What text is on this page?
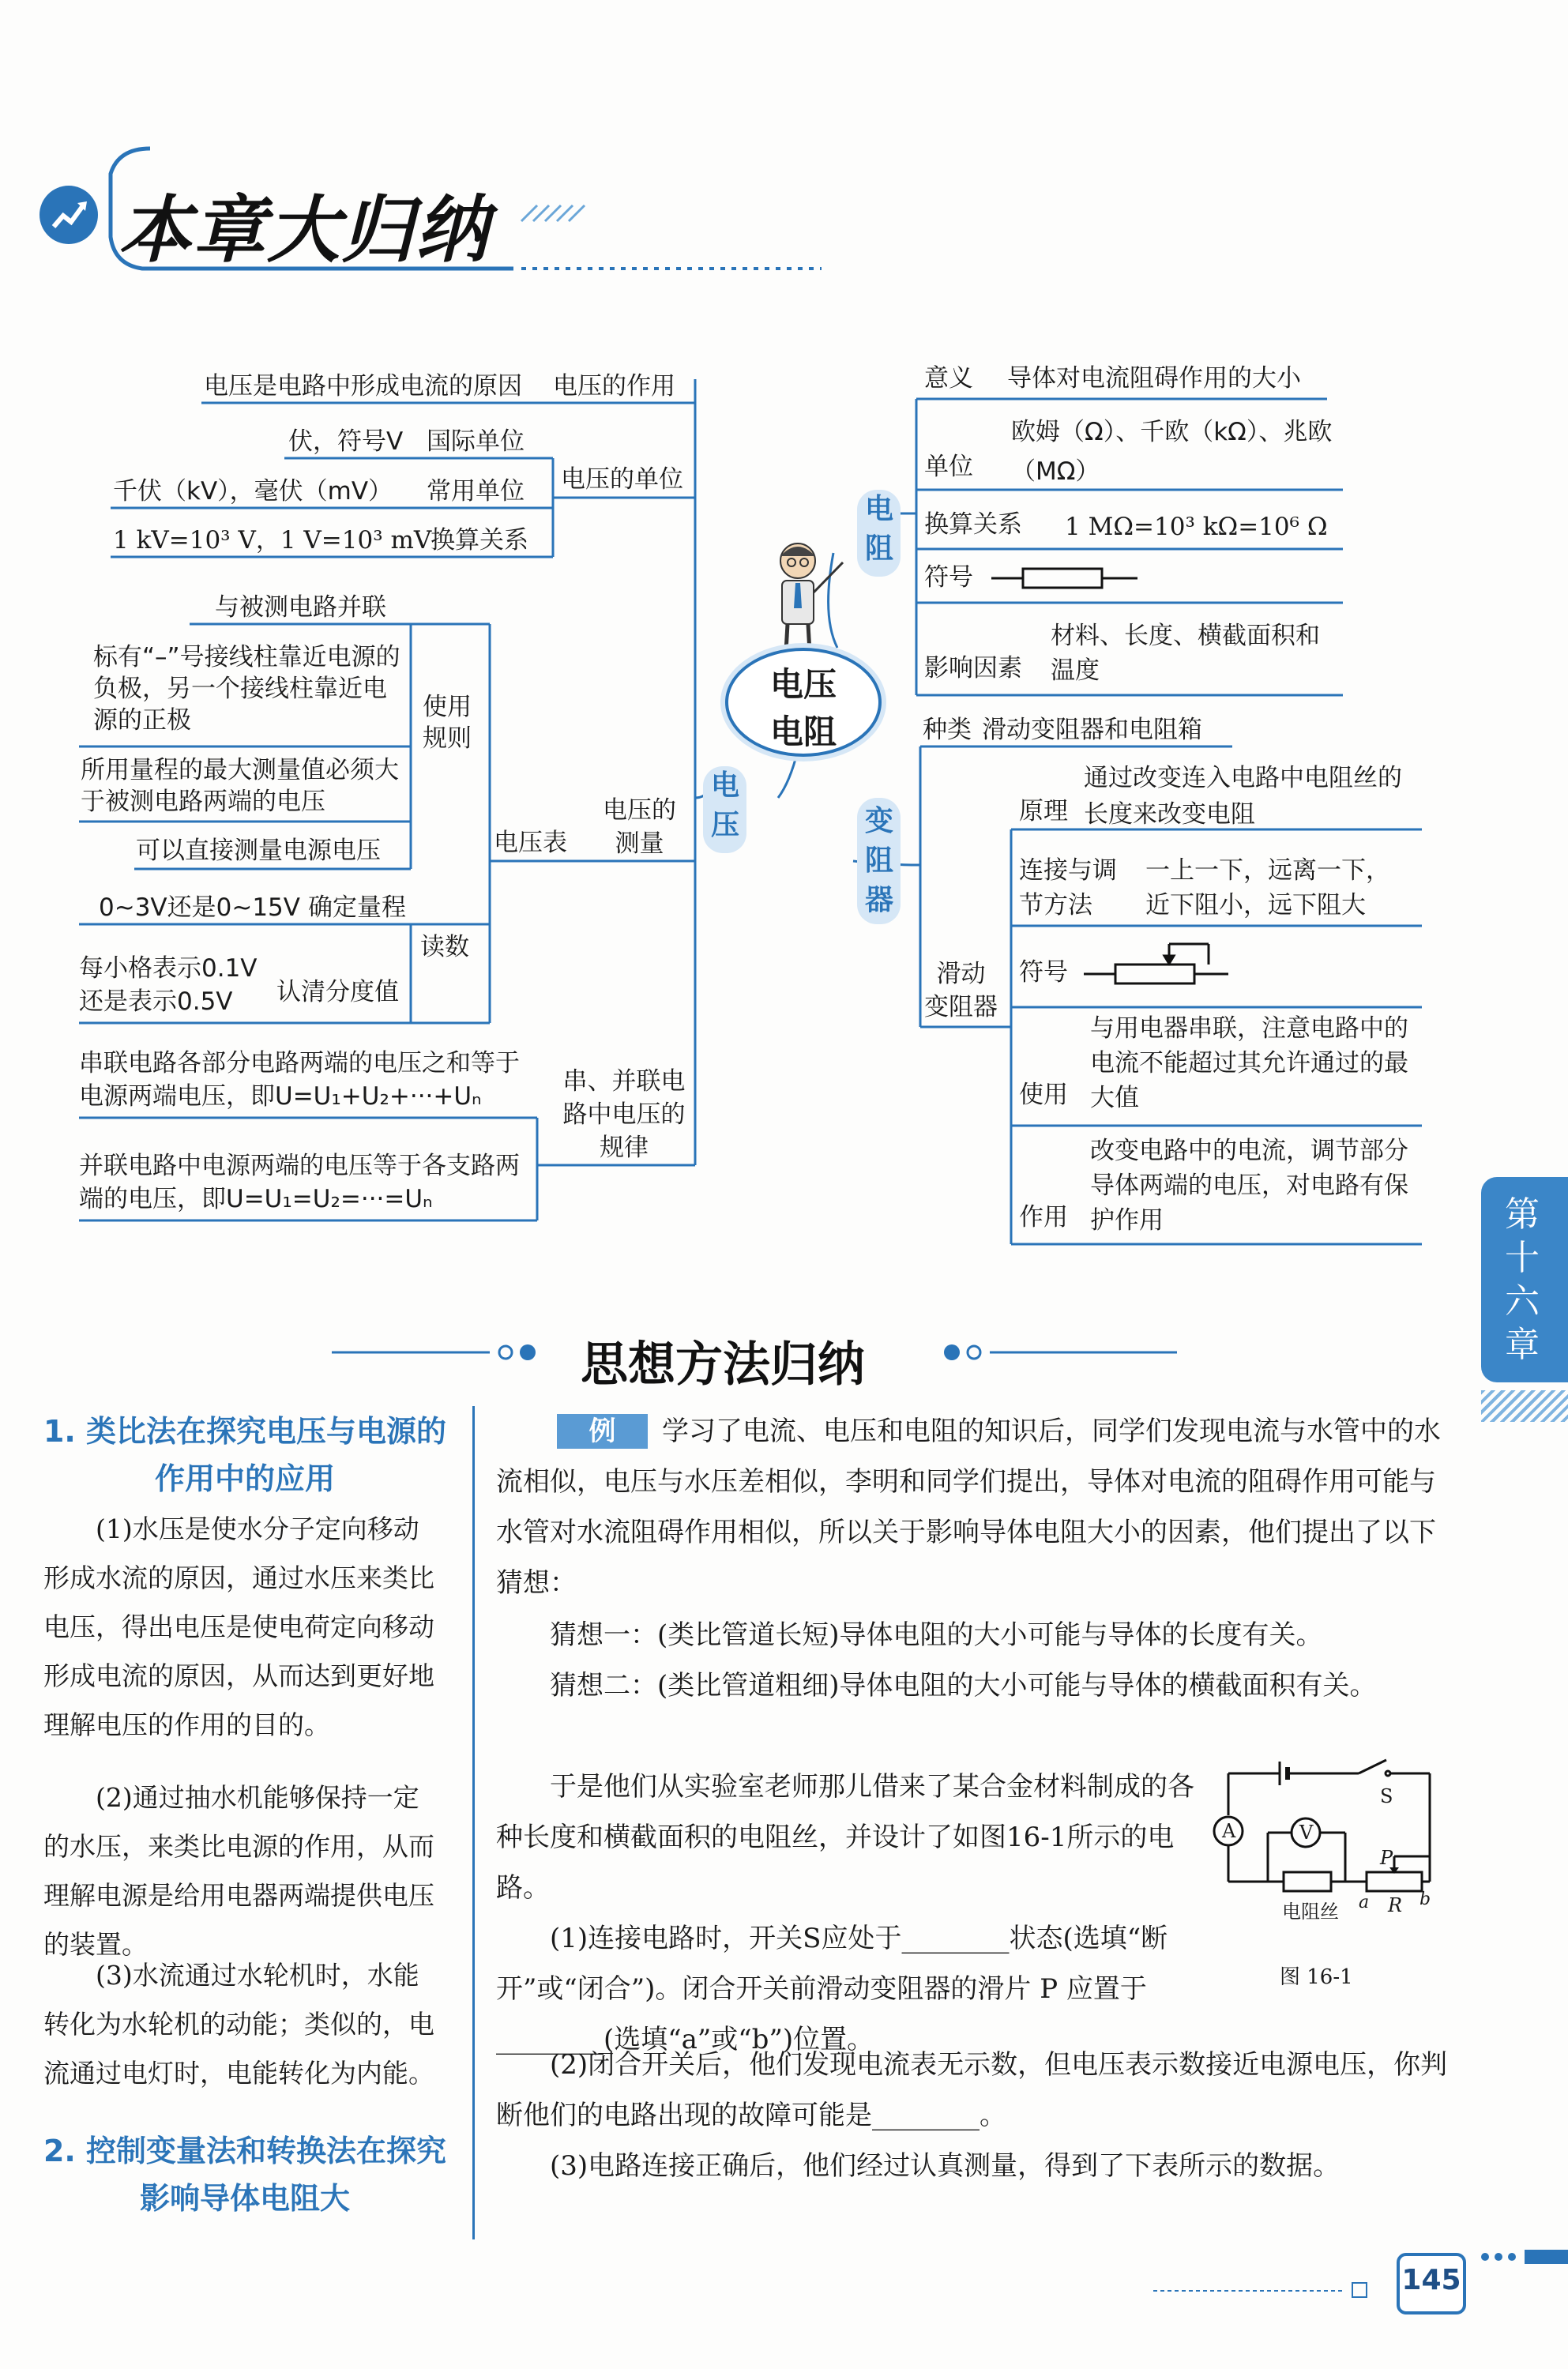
本章大归纳
电压
电阻
电压
电阻
变阻器
电压是电路中形成电流的原因 电压的作用
伏，符号V 国际单位
电压的单位
千伏（kV），毫伏（mV） 常用单位
1 kV=10³ V，1 V=10³ mV
换算关系
与被测电路并联
标有“–”号接线柱靠近电源的负极，另一个接线柱靠近电源的正极	使用
规则
所用量程的最大测量值必须大于被测电路两端的电压
可以直接测量电源电压	电压表
电压的
测量
0~3V还是0~15V 确定量程
读数
每小格表示0.1V还是表示0.5V	认清分度值
串联电路各部分电路两端的电压之和等于电源两端电压，即U=U₁+U₂+···+Uₙ
串、并联电路中电压的规律
并联电路中电源两端的电压等于各支路两端的电压，即U=U₁=U₂=···=Uₙ
意义 导体对电流阻碍作用的大小
单位
欧姆（Ω）、千欧（kΩ）、兆欧（MΩ）
换算关系 1 MΩ=10³ kΩ=10⁶ Ω
符号
材料、长度、横截面积和温度
影响因素
种类 滑动变阻器和电阻箱
通过改变连入电路中电阻丝的长度来改变电阻
原理
连接与调节方法
一上一下，远离一下，近下阻小，远下阻大
符号
滑动
变阻器
与用电器串联，注意电路中的电流不能超过其允许通过的最大值
使用
改变电路中的电流，调节部分导体两端的电压，对电路有保护作用
作用	第十六章
思想方法归纳
1. 类比法在探究电压与电源的作用中的应用
(1)水压是使水分子定向移动形成水流的原因，通过水压来类比电压，得出电压是使电荷定向移动形成电流的原因，从而达到更好地理解电压的作用的目的。
(2)通过抽水机能够保持一定的水压，来类比电源的作用，从而理解电源是给用电器两端提供电压的装置。
(3)水流通过水轮机时，水能转化为水轮机的动能；类似的，电流通过电灯时，电能转化为内能。
2. 控制变量法和转换法在探究影响导体电阻大
例	学习了电流、电压和电阻的知识后，同学们发现电流与水管中的水流相似，电压与水压差相似，李明和同学们提出，导体对电流的阻碍作用可能与水管对水流阻碍作用相似，所以关于影响导体电阻大小的因素，他们提出了以下猜想：
猜想一：(类比管道长短)导体电阻的大小可能与导体的长度有关。
猜想二：(类比管道粗细)导体电阻的大小可能与导体的横截面积有关。
于是他们从实验室老师那儿借来了某合金材料制成的各种长度和横截面积的电阻丝，并设计了如图16-1所示的电路。
(1)连接电路时，开关S应处于________状态(选填“断开”或“闭合”)。闭合开关前滑动变阻器的滑片 P 应置于________(选填“a”或“b”)位置。
(2)闭合开关后，他们发现电流表无示数，但电压表示数接近电源电压，你判断他们的电路出现的故障可能是________。
(3)电路连接正确后，他们经过认真测量，得到了下表所示的数据。
S
A	V
P
a R b
电阻丝
图 16-1
145
